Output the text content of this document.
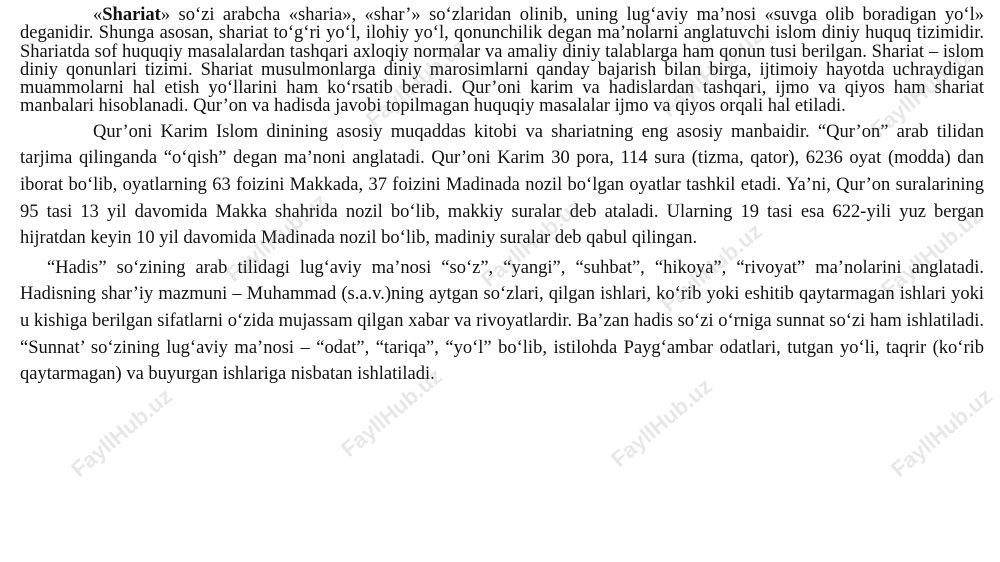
«Shariat» so‘zi arabcha «sharia», «shar’» so‘zlaridan olinib, uning lug‘aviy ma’nosi «suvga olib boradigan yo‘l» deganidir. Shunga asosan, shariat to‘g‘ri yo‘l, ilohiy yo‘l, qonunchilik degan ma’nolarni anglatuvchi islom diniy huquq tizimidir. Shariatda sof huquqiy masalalardan tashqari axloqiy normalar va amaliy diniy talablarga ham qonun tusi berilgan. Shariat – islom diniy qonunlari tizimi. Shariat musulmonlarga diniy marosimlarni qanday bajarish bilan birga, ijtimoiy hayotda uchraydigan muammolarni hal etish yo‘llarini ham ko‘rsatib beradi. Qur’oni karim va hadislardan tashqari, ijmo va qiyos ham shariat manbalari hisoblanadi. Qur’on va hadisda javobi topilmagan huquqiy masalalar ijmo va qiyos orqali hal etiladi.

Qur’oni Karim Islom dinining asosiy muqaddas kitobi va shariatning eng asosiy manbaidir. “Qur’on” arab tilidan tarjima qilinganda “o‘qish” degan ma’noni anglatadi. Qur’oni Karim 30 pora, 114 sura (tizma, qator), 6236 oyat (modda) dan iborat bo‘lib, oyatlarning 63 foizini Makkada, 37 foizini Madinada nozil bo‘lgan oyatlar tashkil etadi. Ya’ni, Qur’on suralarining 95 tasi 13 yil davomida Makka shahrida nozil bo‘lib, makkiy suralar deb ataladi. Ularning 19 tasi esa 622-yili yuz bergan hijratdan keyin 10 yil davomida Madinada nozil bo‘lib, madiniy suralar deb qabul qilingan.

“Hadis” so‘zining arab tilidagi lug‘aviy ma’nosi “so‘z”, “yangi”, “suhbat”, “hikoya”, “rivoyat” ma’nolarini anglatadi. Hadisning shar’iy mazmuni – Muhammad (s.a.v.)ning aytgan so‘zlari, qilgan ishlari, ko‘rib yoki eshitib qaytarmagan ishlari yoki u kishiga berilgan sifatlarni o‘zida mujassam qilgan xabar va rivoyatlardir. Ba’zan hadis so‘zi o‘rniga sunnat so‘zi ham ishlatiladi. “Sunnat’ so‘zining lug‘aviy ma’nosi – “odat”, “tariqa”, “yo‘l” bo‘lib, istilohda Payg‘ambar odatlari, tutgan yo‘li, taqrir (ko‘rib qaytarmagan) va buyurgan ishlariga nisbatan ishlatiladi.

FayllHub.uz	FayllHub.uz	FayllHub.uz
FayllHub.uz	FayllHub.uz	FayllHub.uz	FayllHub.uz
FayllHub.uz	FayllHub.uz	FayllHub.uz	FayllHub.uz
